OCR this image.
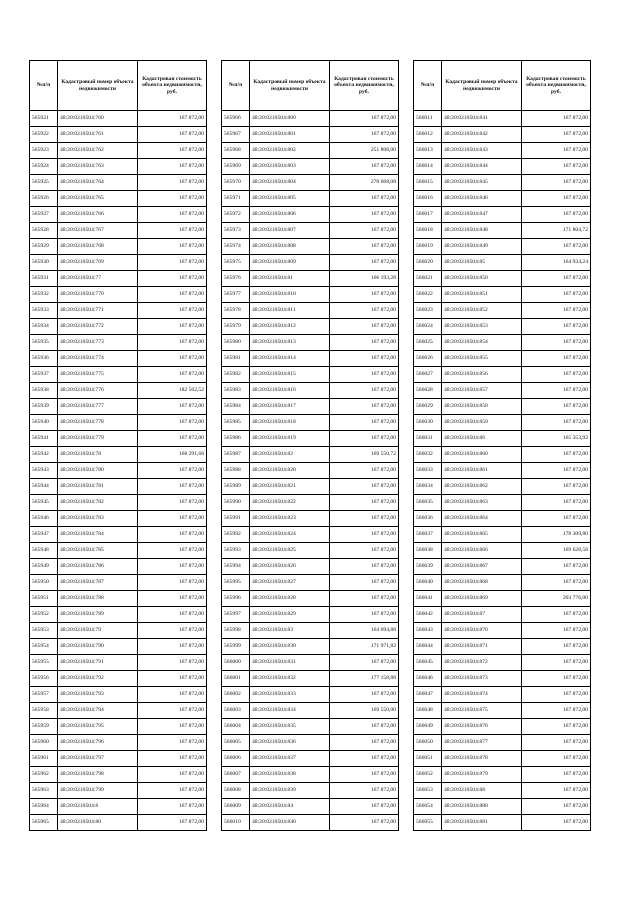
№п/п	Кадастровый номер объекта недвижимости	Кадастровая стоимость объекта недвижимости, руб.
565921	48:20:0210504:760	167 872,00
565922	48:20:0210504:761	167 872,00
565923	48:20:0210504:762	167 872,00
565924	48:20:0210504:763	167 872,00
565925	48:20:0210504:764	167 872,00
565926	48:20:0210504:765	167 872,00
565927	48:20:0210504:766	167 872,00
565928	48:20:0210504:767	167 872,00
565929	48:20:0210504:768	167 872,00
565930	48:20:0210504:769	167 872,00
565931	48:20:0210504:77	167 872,00
565932	48:20:0210504:770	167 872,00
565933	48:20:0210504:771	167 872,00
565934	48:20:0210504:772	167 872,00
565935	48:20:0210504:773	167 872,00
565936	48:20:0210504:774	167 872,00
565937	48:20:0210504:775	167 872,00
565938	48:20:0210504:776	182 562,52
565939	48:20:0210504:777	167 872,00
565940	48:20:0210504:778	167 872,00
565941	48:20:0210504:779	167 872,00
565942	48:20:0210504:78	168 291,68
565943	48:20:0210504:780	167 872,00
565944	48:20:0210504:781	167 872,00
565945	48:20:0210504:782	167 872,00
565946	48:20:0210504:783	167 872,00
565947	48:20:0210504:784	167 872,00
565948	48:20:0210504:785	167 872,00
565949	48:20:0210504:786	167 872,00
565950	48:20:0210504:787	167 872,00
565951	48:20:0210504:788	167 872,00
565952	48:20:0210504:789	167 872,00
565953	48:20:0210504:79	167 872,00
565954	48:20:0210504:790	167 872,00
565955	48:20:0210504:791	167 872,00
565956	48:20:0210504:792	167 872,00
565957	48:20:0210504:793	167 872,00
565958	48:20:0210504:794	167 872,00
565959	48:20:0210504:795	167 872,00
565960	48:20:0210504:796	167 872,00
565961	48:20:0210504:797	167 872,00
565962	48:20:0210504:798	167 872,00
565963	48:20:0210504:799	167 872,00
565964	48:20:0210504:8	167 872,00
565965	48:20:0210504:80	167 872,00
№п/п	Кадастровый номер объекта недвижимости	Кадастровая стоимость объекта недвижимости, руб.
565966	48:20:0210504:800	167 872,00
565967	48:20:0210504:801	167 872,00
565968	48:20:0210504:802	251 808,00
565969	48:20:0210504:803	167 872,00
565970	48:20:0210504:804	278 668,08
565971	48:20:0210504:805	167 872,00
565972	48:20:0210504:806	167 872,00
565973	48:20:0210504:807	167 872,00
565974	48:20:0210504:808	167 872,00
565975	48:20:0210504:809	167 872,00
565976	48:20:0210504:81	166 193,28
565977	48:20:0210504:810	167 872,00
565978	48:20:0210504:811	167 872,00
565979	48:20:0210504:812	167 872,00
565980	48:20:0210504:813	167 872,00
565981	48:20:0210504:814	167 872,00
565982	48:20:0210504:815	167 872,00
565983	48:20:0210504:816	167 872,00
565984	48:20:0210504:817	167 872,00
565985	48:20:0210504:818	167 872,00
565986	48:20:0210504:819	167 872,00
565987	48:20:0210504:82	169 550,72
565988	48:20:0210504:820	167 872,00
565989	48:20:0210504:821	167 872,00
565990	48:20:0210504:822	167 872,00
565991	48:20:0210504:823	167 872,00
565992	48:20:0210504:824	167 872,00
565993	48:20:0210504:825	167 872,00
565994	48:20:0210504:826	167 872,00
565995	48:20:0210504:827	167 872,00
565996	48:20:0210504:828	167 872,00
565997	48:20:0210504:829	167 872,00
565998	48:20:0210504:83	164 094,88
565999	48:20:0210504:830	171 971,82
566000	48:20:0210504:831	167 872,00
566001	48:20:0210504:832	177 158,88
566002	48:20:0210504:833	167 872,00
566003	48:20:0210504:834	169 550,00
566004	48:20:0210504:835	167 872,00
566005	48:20:0210504:836	167 872,00
566006	48:20:0210504:837	167 872,00
566007	48:20:0210504:838	167 872,00
566008	48:20:0210504:839	167 872,00
566009	48:20:0210504:84	167 872,00
566010	48:20:0210504:840	167 872,00
№п/п	Кадастровый номер объекта недвижимости	Кадастровая стоимость объекта недвижимости, руб.
566011	48:20:0210504:841	167 872,00
566012	48:20:0210504:842	167 872,00
566013	48:20:0210504:843	167 872,00
566014	48:20:0210504:844	167 872,00
566015	48:20:0210504:845	167 872,00
566016	48:20:0210504:846	167 872,00
566017	48:20:0210504:847	167 872,00
566018	48:20:0210504:848	171 804,72
566019	48:20:0210504:849	167 872,00
566020	48:20:0210504:85	164 934,24
566021	48:20:0210504:850	167 872,00
566022	48:20:0210504:851	167 872,00
566023	48:20:0210504:852	167 872,00
566024	48:20:0210504:853	167 872,00
566025	48:20:0210504:854	167 872,00
566026	48:20:0210504:855	167 872,00
566027	48:20:0210504:856	167 872,00
566028	48:20:0210504:857	167 872,00
566029	48:20:0210504:858	167 872,00
566030	48:20:0210504:859	167 872,00
566031	48:20:0210504:86	165 353,92
566032	48:20:0210504:860	167 872,00
566033	48:20:0210504:861	167 872,00
566034	48:20:0210504:862	167 872,00
566035	48:20:0210504:863	167 872,00
566036	48:20:0210504:864	167 872,00
566037	48:20:0210504:865	178 309,80
566038	48:20:0210504:866	169 628,58
566039	48:20:0210504:867	167 872,00
566040	48:20:0210504:868	167 872,00
566041	48:20:0210504:869	203 776,00
566042	48:20:0210504:87	167 872,00
566043	48:20:0210504:870	167 872,00
566044	48:20:0210504:871	167 872,00
566045	48:20:0210504:872	167 872,00
566046	48:20:0210504:873	167 872,00
566047	48:20:0210504:874	167 872,00
566048	48:20:0210504:875	167 872,00
566049	48:20:0210504:876	167 872,00
566050	48:20:0210504:877	167 872,00
566051	48:20:0210504:878	167 872,00
566052	48:20:0210504:879	167 872,00
566053	48:20:0210504:88	167 872,00
566054	48:20:0210504:880	167 872,00
566055	48:20:0210504:881	167 872,00
